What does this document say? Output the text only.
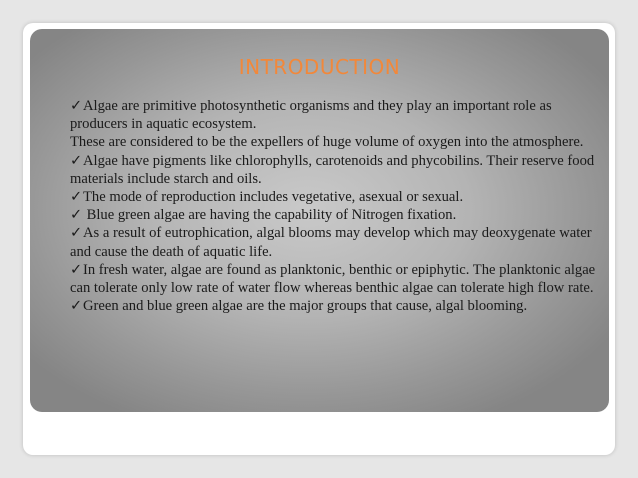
INTRODUCTION

✓Algae are primitive photosynthetic organisms and they play an important role as producers in aquatic ecosystem.

These are considered to be the expellers of huge volume of oxygen into the atmosphere.

✓Algae have pigments like chlorophylls, carotenoids and phycobilins. Their reserve food materials include starch and oils.

✓The mode of reproduction includes vegetative, asexual or sexual.

✓ Blue green algae are having the capability of Nitrogen fixation.

✓As a result of eutrophication, algal blooms may develop which may deoxygenate water and cause the death of aquatic life.

✓In fresh water, algae are found as planktonic, benthic or epiphytic. The planktonic algae can tolerate only low rate of water flow whereas benthic algae can tolerate high flow rate.

✓Green and blue green algae are the major groups that cause, algal blooming.
